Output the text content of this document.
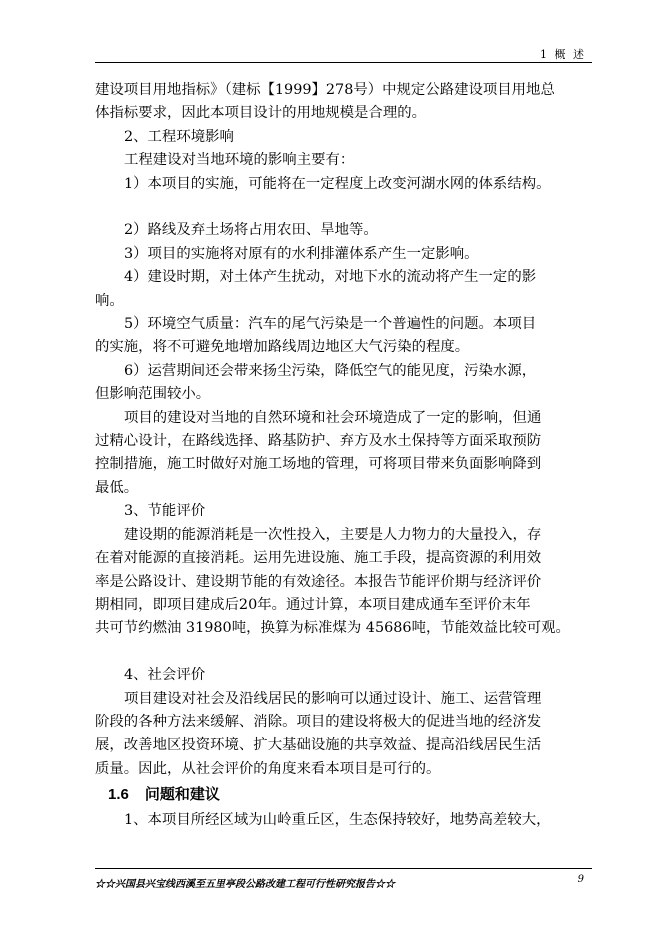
1 概 述

建设项目用地指标》（建标【1999】278号）中规定公路建设项目用地总

体指标要求，因此本项目设计的用地规模是合理的。

2、工程环境影响

工程建设对当地环境的影响主要有：

1）本项目的实施，可能将在一定程度上改变河湖水网的体系结构。

2）路线及弃土场将占用农田、旱地等。

3）项目的实施将对原有的水利排灌体系产生一定影响。

4）建设时期，对土体产生扰动，对地下水的流动将产生一定的影

响。

5）环境空气质量：汽车的尾气污染是一个普遍性的问题。本项目

的实施，将不可避免地增加路线周边地区大气污染的程度。

6）运营期间还会带来扬尘污染，降低空气的能见度，污染水源，

但影响范围较小。

项目的建设对当地的自然环境和社会环境造成了一定的影响，但通

过精心设计，在路线选择、路基防护、弃方及水土保持等方面采取预防

控制措施，施工时做好对施工场地的管理，可将项目带来负面影响降到

最低。

3、节能评价

建设期的能源消耗是一次性投入，主要是人力物力的大量投入，存

在着对能源的直接消耗。运用先进设施、施工手段，提高资源的利用效

率是公路设计、建设期节能的有效途径。本报告节能评价期与经济评价

期相同，即项目建成后20年。通过计算，本项目建成通车至评价末年

共可节约燃油 31980吨，换算为标准煤为 45686吨，节能效益比较可观。

4、社会评价

项目建设对社会及沿线居民的影响可以通过设计、施工、运营管理

阶段的各种方法来缓解、消除。项目的建设将极大的促进当地的经济发

展，改善地区投资环境、扩大基础设施的共享效益、提高沿线居民生活

质量。因此，从社会评价的角度来看本项目是可行的。

1.6 问题和建议

1、本项目所经区域为山岭重丘区，生态保持较好，地势高差较大，

☆☆兴国县兴宝线西溪至五里亭段公路改建工程可行性研究报告☆☆	9
